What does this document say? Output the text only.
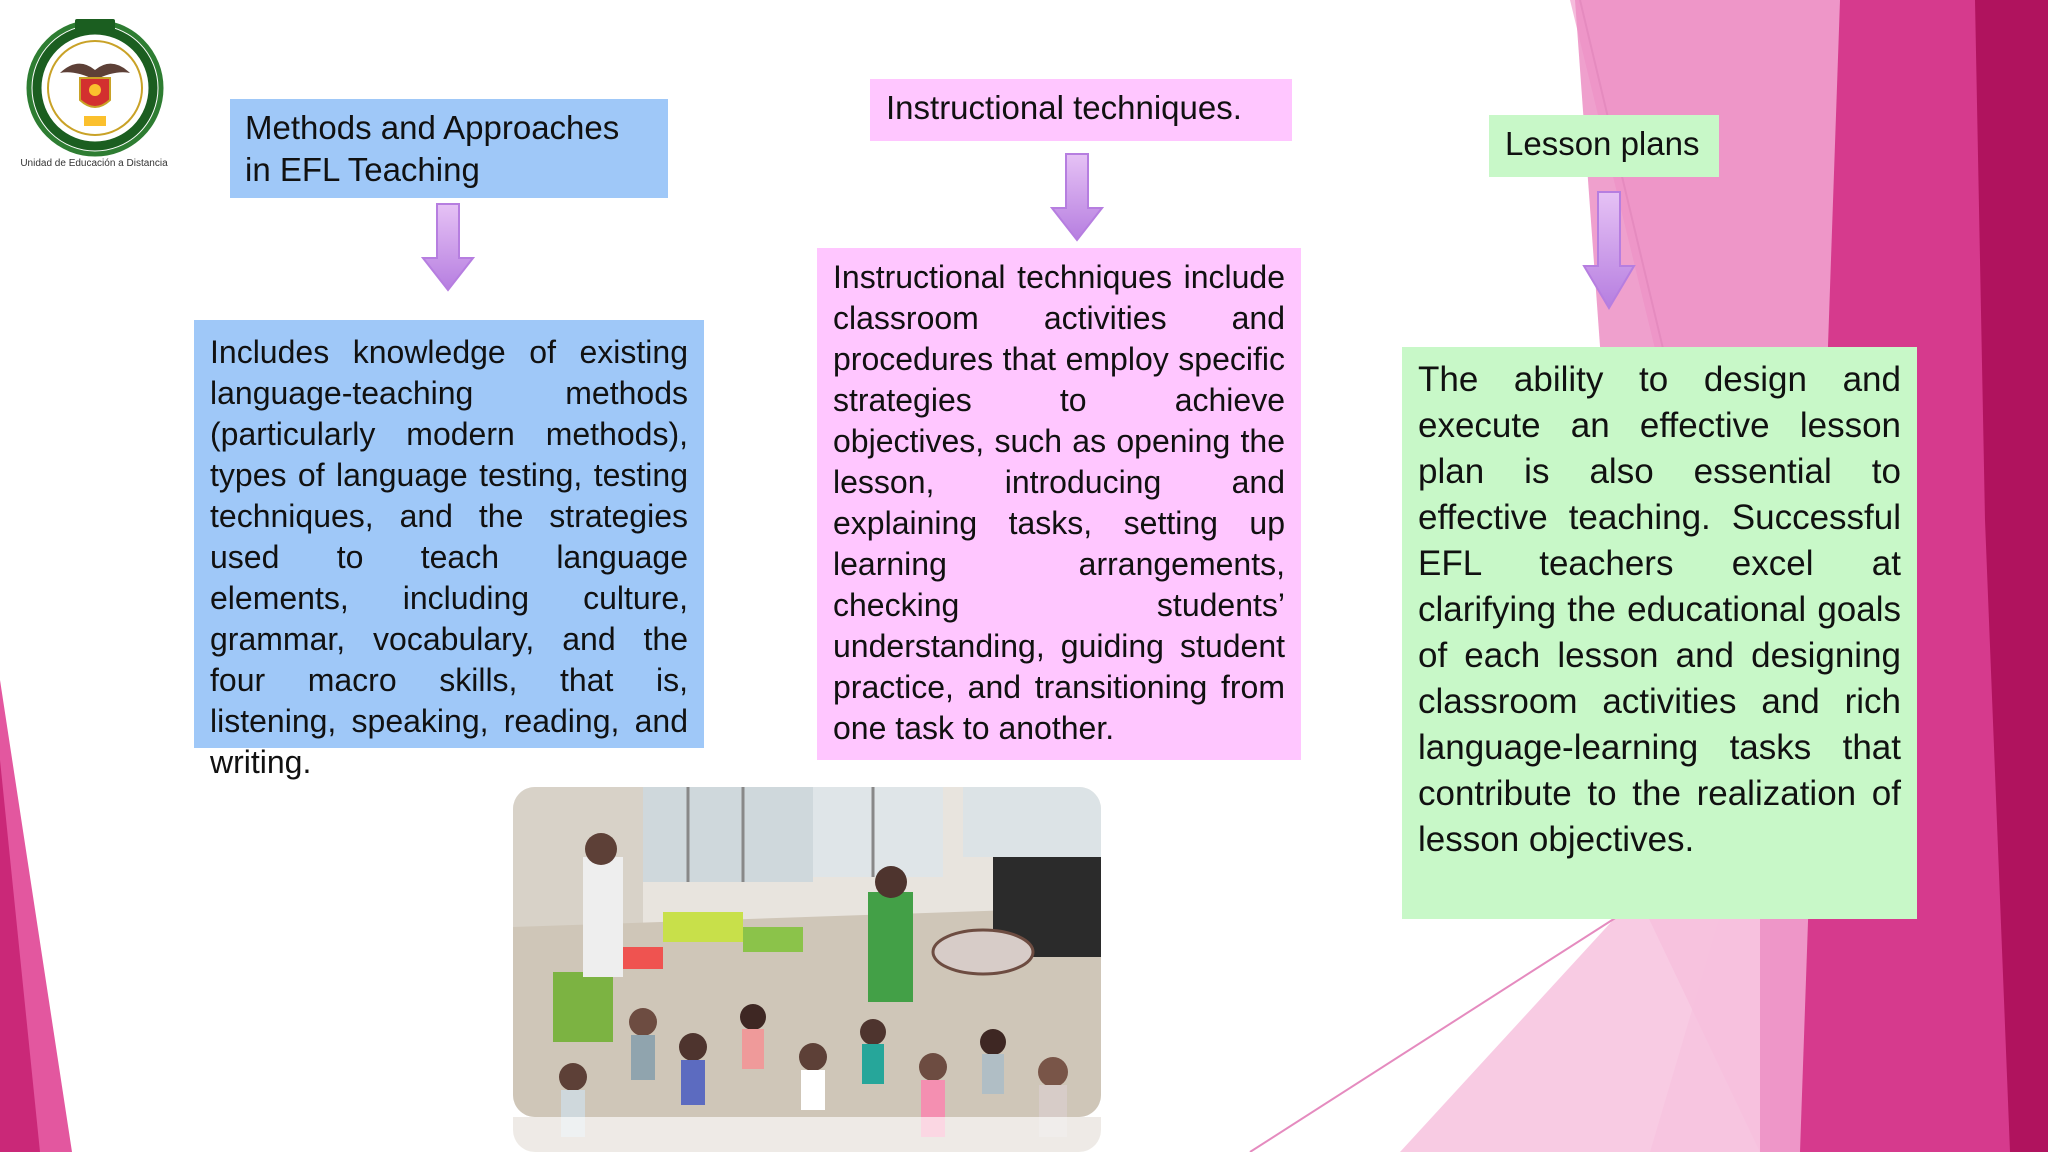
Unidad de Educación a Distancia
Methods and Approaches in EFL Teaching
Includes knowledge of existing language-teaching methods (particularly modern methods), types of language testing, testing techniques, and the strategies used to teach language elements, including culture, grammar, vocabulary, and the four macro skills, that is, listening, speaking, reading, and writing.
Instructional techniques.
Instructional techniques include classroom activities and procedures that employ specific strategies to achieve objectives, such as opening the lesson, introducing and explaining tasks, setting up learning arrangements, checking students’ understanding, guiding student practice, and transitioning from one task to another.
Lesson plans
The ability to design and execute an effective lesson plan is also essential to effective teaching. Successful EFL teachers excel at clarifying the educational goals of each lesson and designing classroom activities and rich language-learning tasks that contribute to the realization of lesson objectives.
